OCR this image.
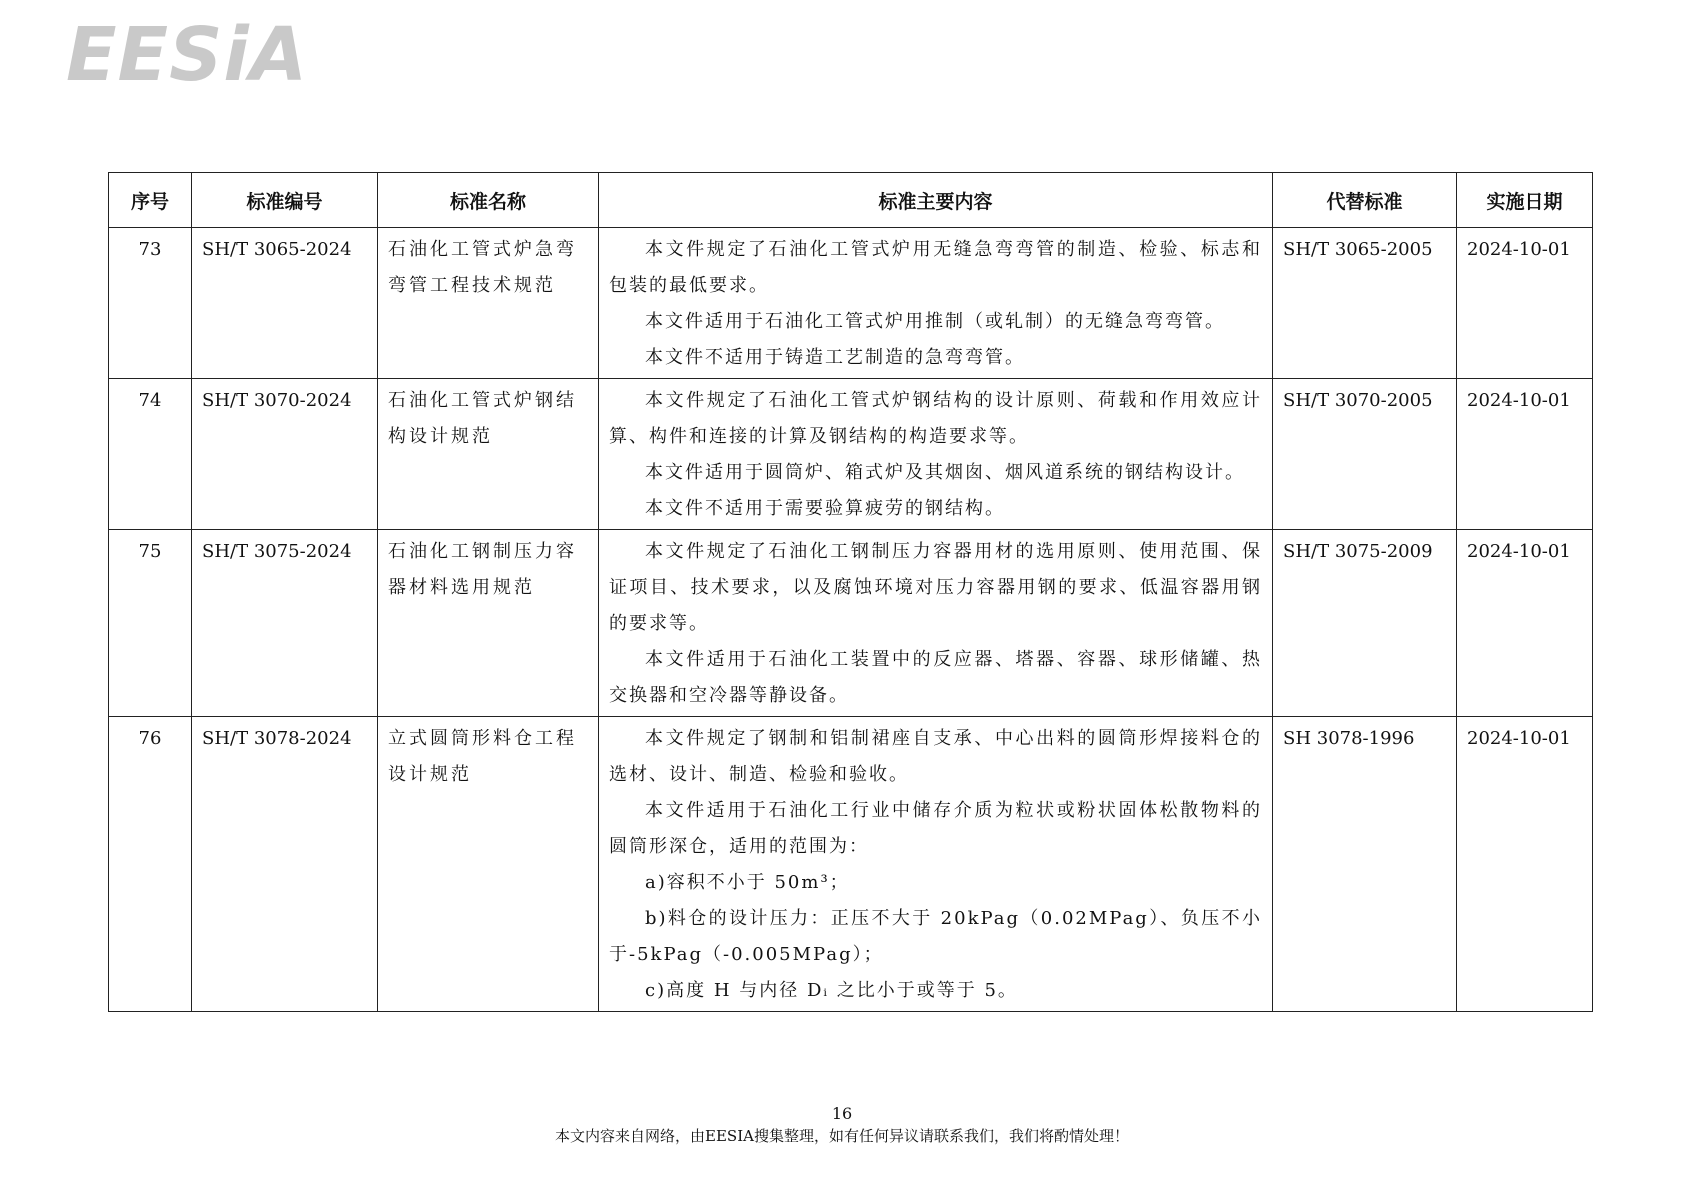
EESiA
序号	标准编号	标准名称	标准主要内容	代替标准	实施日期
73	SH/T 3065-2024	石油化工管式炉急弯弯管工程技术规范	本文件规定了石油化工管式炉用无缝急弯弯管的制造、检验、标志和包装的最低要求。

本文件适用于石油化工管式炉用推制（或轧制）的无缝急弯弯管。

本文件不适用于铸造工艺制造的急弯弯管。	SH/T 3065-2005	2024-10-01
74	SH/T 3070-2024	石油化工管式炉钢结构设计规范	本文件规定了石油化工管式炉钢结构的设计原则、荷载和作用效应计算、构件和连接的计算及钢结构的构造要求等。

本文件适用于圆筒炉、箱式炉及其烟囱、烟风道系统的钢结构设计。

本文件不适用于需要验算疲劳的钢结构。	SH/T 3070-2005	2024-10-01
75	SH/T 3075-2024	石油化工钢制压力容器材料选用规范	本文件规定了石油化工钢制压力容器用材的选用原则、使用范围、保证项目、技术要求，以及腐蚀环境对压力容器用钢的要求、低温容器用钢的要求等。

本文件适用于石油化工装置中的反应器、塔器、容器、球形储罐、热交换器和空冷器等静设备。	SH/T 3075-2009	2024-10-01
76	SH/T 3078-2024	立式圆筒形料仓工程设计规范	本文件规定了钢制和铝制裙座自支承、中心出料的圆筒形焊接料仓的选材、设计、制造、检验和验收。

本文件适用于石油化工行业中储存介质为粒状或粉状固体松散物料的圆筒形深仓，适用的范围为：

a)容积不小于 50m³；

b)料仓的设计压力：正压不大于 20kPag（0.02MPag）、负压不小于-5kPag（-0.005MPag）；

c)高度 H 与内径 Dᵢ 之比小于或等于 5。	SH 3078-1996	2024-10-01
16
本文内容来自网络，由EESIA搜集整理，如有任何异议请联系我们，我们将酌情处理！
